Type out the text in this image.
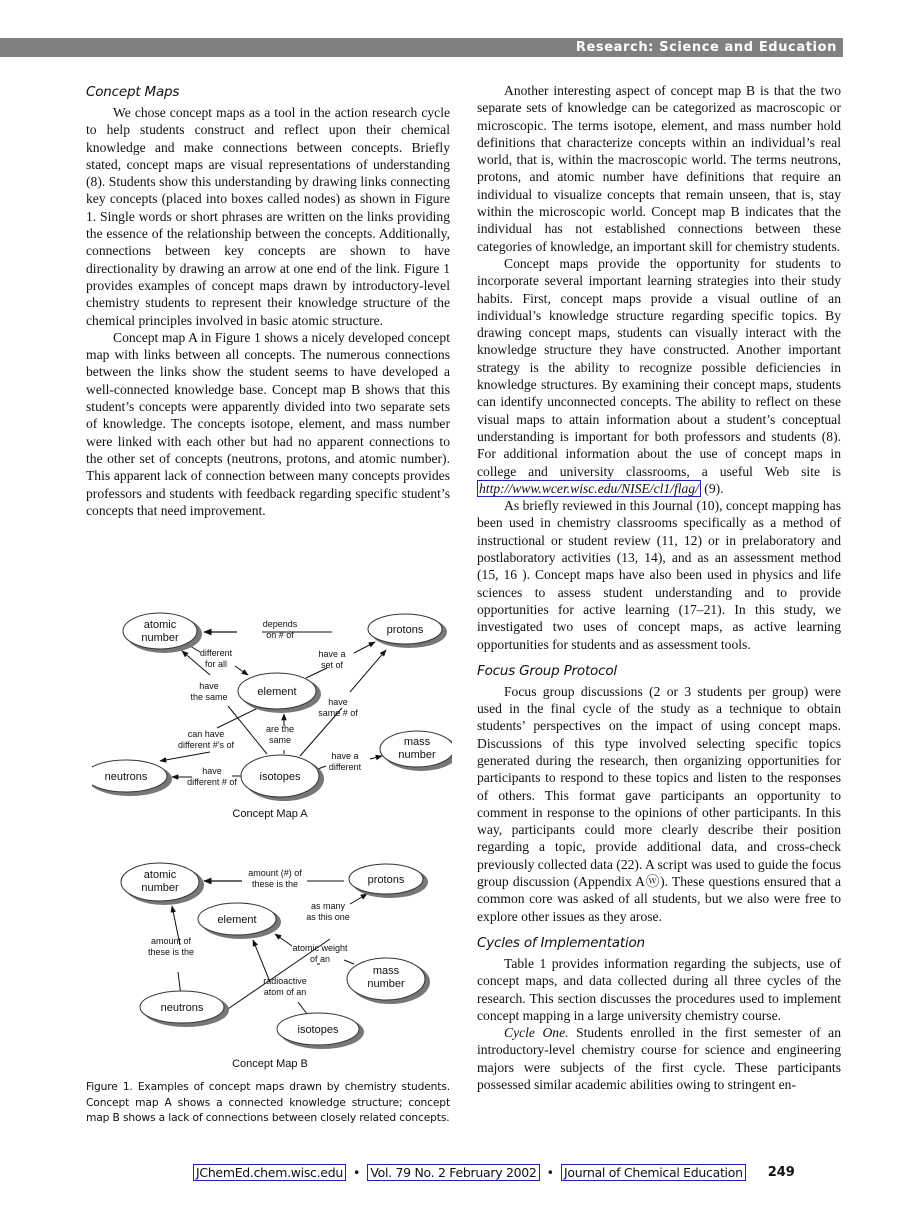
Research: Science and Education
Concept Maps

We chose concept maps as a tool in the action research cycle to help students construct and reflect upon their chemical knowledge and make connections between concepts. Briefly stated, concept maps are visual representations of understanding (8). Students show this understanding by drawing links connecting key concepts (placed into boxes called nodes) as shown in Figure 1. Single words or short phrases are written on the links providing the essence of the relationship between the concepts. Additionally, connections between key concepts are shown to have directionality by drawing an arrow at one end of the link. Figure 1 provides examples of concept maps drawn by introductory-level chemistry students to represent their knowledge structure of the chemical principles involved in basic atomic structure.

Concept map A in Figure 1 shows a nicely developed concept map with links between all concepts. The numerous connections between the links show the student seems to have developed a well-connected knowledge base. Concept map B shows that this student’s concepts were apparently divided into two separate sets of knowledge. The concepts isotope, element, and mass number were linked with each other but had no apparent connections to the other set of concepts (neutrons, protons, and atomic number). This apparent lack of connection between many concepts provides professors and students with feedback regarding specific student’s concepts that need improvement.

atomic
number
protons
element
mass
number
neutrons	isotopes
depends
on # of
different
for all
have a
set of
have
the same	have
same # of
are the
same
can have
different #'s of
have a
different
have
different # of
Concept Map A
atomic
number
protons
element
mass
number
neutrons
isotopes
amount (#) of
these is the
as many
as this one
amount of
these is the	atomic weight
of an
radioactive
atom of an
Concept Map B
Figure 1. Examples of concept maps drawn by chemistry students. Concept map A shows a connected knowledge structure; concept map B shows a lack of connections between closely related concepts.

Another interesting aspect of concept map B is that the two separate sets of knowledge can be categorized as macroscopic or microscopic. The terms isotope, element, and mass number hold definitions that characterize concepts within an individual’s real world, that is, within the macroscopic world. The terms neutrons, protons, and atomic number have definitions that require an individual to visualize concepts that remain unseen, that is, stay within the microscopic world. Concept map B indicates that the individual has not established connections between these categories of knowledge, an important skill for chemistry students.

Concept maps provide the opportunity for students to incorporate several important learning strategies into their study habits. First, concept maps provide a visual outline of an individual’s knowledge structure regarding specific topics. By drawing concept maps, students can visually interact with the knowledge structure they have constructed. Another important strategy is the ability to recognize possible deficiencies in knowledge structures. By examining their concept maps, students can identify unconnected concepts. The ability to reflect on these visual maps to attain information about a student’s conceptual understanding is important for both professors and students (8). For additional information about the use of concept maps in college and university classrooms, a useful Web site is http://www.wcer.wisc.edu/NISE/cl1/flag/ (9).

As briefly reviewed in this Journal (10), concept mapping has been used in chemistry classrooms specifically as a method of instructional or student review (11, 12) or in prelaboratory and postlaboratory activities (13, 14), and as an assessment method (15, 16 ). Concept maps have also been used in physics and life sciences to assess student understanding and to provide opportunities for active learning (17–21). In this study, we investigated two uses of concept maps, as active learning opportunities for students and as assessment tools.

Focus Group Protocol

Focus group discussions (2 or 3 students per group) were used in the final cycle of the study as a technique to obtain students’ perspectives on the impact of using concept maps. Discussions of this type involved selecting specific topics generated during the research, then organizing opportunities for participants to respond to these topics and listen to the responses of others. This format gave participants an opportunity to comment in response to the opinions of other participants. In this way, participants could more clearly describe their position regarding a topic, provide additional data, and cross-check previously collected data (22). A script was used to guide the focus group discussion (Appendix Aⓦ). These questions ensured that a common core was asked of all students, but we also were free to explore other issues as they arose.

Cycles of Implementation

Table 1 provides information regarding the subjects, use of concept maps, and data collected during all three cycles of the research. This section discusses the procedures used to implement concept mapping in a large university chemistry course.

Cycle One. Students enrolled in the first semester of an introductory-level chemistry course for science and engineering majors were subjects of the first cycle. These participants possessed similar academic abilities owing to stringent en-

JChemEd.chem.wisc.edu • Vol. 79 No. 2 February 2002 • Journal of Chemical Education 249
